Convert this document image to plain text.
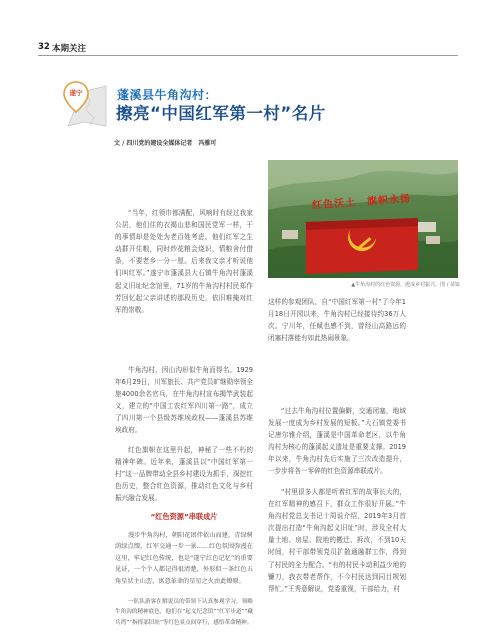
32 本期关注
遂宁	蓬溪县牛角沟村：
擦亮“中国红军第一村”名片
文 / 四川党的建设全媒体记者　冯雅可
红色沃土　旗帜永扬
▲牛角沟村的红色资源、题成乡村振兴。图 / 苗锐

“当年，红领巾都满配，风响时有经过我家公居，他们住的衣褐山悲和国民党军一样，干的事情却是处处为老百姓考虑。他们红军之生动群开住粮，同时炒花粮会烧识，情粮舍付借条，不要老乡一分一厘。后来我文亲才听说他们叫红军。”遂宁市蓬溪县大石镇牛角沟村蓬溪起义旧址纪念馆里，71岁的牛角沟村村民郑作芳回忆起父亲讲述的那段历史，依旧难掩对红军的崇敬。

牛角沟村，因山沟形似牛角而得名。1929年6月29日，川军旅长、共产党员旷继勋率领全旅4000余名官兵，在牛角沟村宣布揭竿武装起义，建立的“中国工农红军四川第一路”，成立了四川第一个县级苏维埃政权——蓬溪县苏维埃政府。

红色旗帜在这里升起，神秘了一些不朽的精神年碑。近年来，蓬溪县以“中国红军第一村”这一品牌带动全县乡村建设为抓手，深挖红色历史，整合红色资源，推动红色文化与乡村振兴融合发展。

“红色资源”串联成片

漫步牛角沟村，朝阳花团伴依山而建，青绿树荫绿点缀，红军交通一步一景……红色氛围弥漫在这里，牢记红色传统，也是“遂宁红色记忆”的重要见证，一个个人都记得很清楚，外形似一条红色五角星状主山峦，寓意革命的星星之火由此燎原。

一队队游客在解说员的带领下认真参观学习，领略牛角沟的精神底色，他们在“起义纪念馆”“红军步道”“藏兵湾”“指挥部旧址”等红色景点间穿行，感悟革命精神。

这样的参观团队，自“中国红军第一村”了今年1月18日开园以来，牛角沟村已经接待约36万人次。宁川年，任赋也感不到，曾经山高路远的闭塞村落能有如此热闹景象。

“过去牛角沟村位置偏僻，交通闭塞，地域发展一度成为乡村发展的短板。”大石镇党委书记唐尔雅介绍，蓬溪是中国革命老区，以牛角沟村为核心的蓬溪起义遗址是重要支撑。2019年以来，牛角沟村先后实施了三次改造提升，一步步将各一零碎的红色资源串联成片。

“村里很多人都是听着红军的故事长大的，在红军精神的感召下，群众工作很好开展。”牛角沟村党总支书记十周说介绍，2019年3月首次提出打造“牛角沟起义旧址”时，涉及全村大量土地、房屋、院地的搬迁、拆改，不到10天时间，村干部带领党员扩散通融群工作，得到了村民的全力配合。“有的村民卡动利益少地的镰刀，我衣带老帮作，不今村民达到同目规划帮忙。”王秀意解说，党委重视，干部给力，村
